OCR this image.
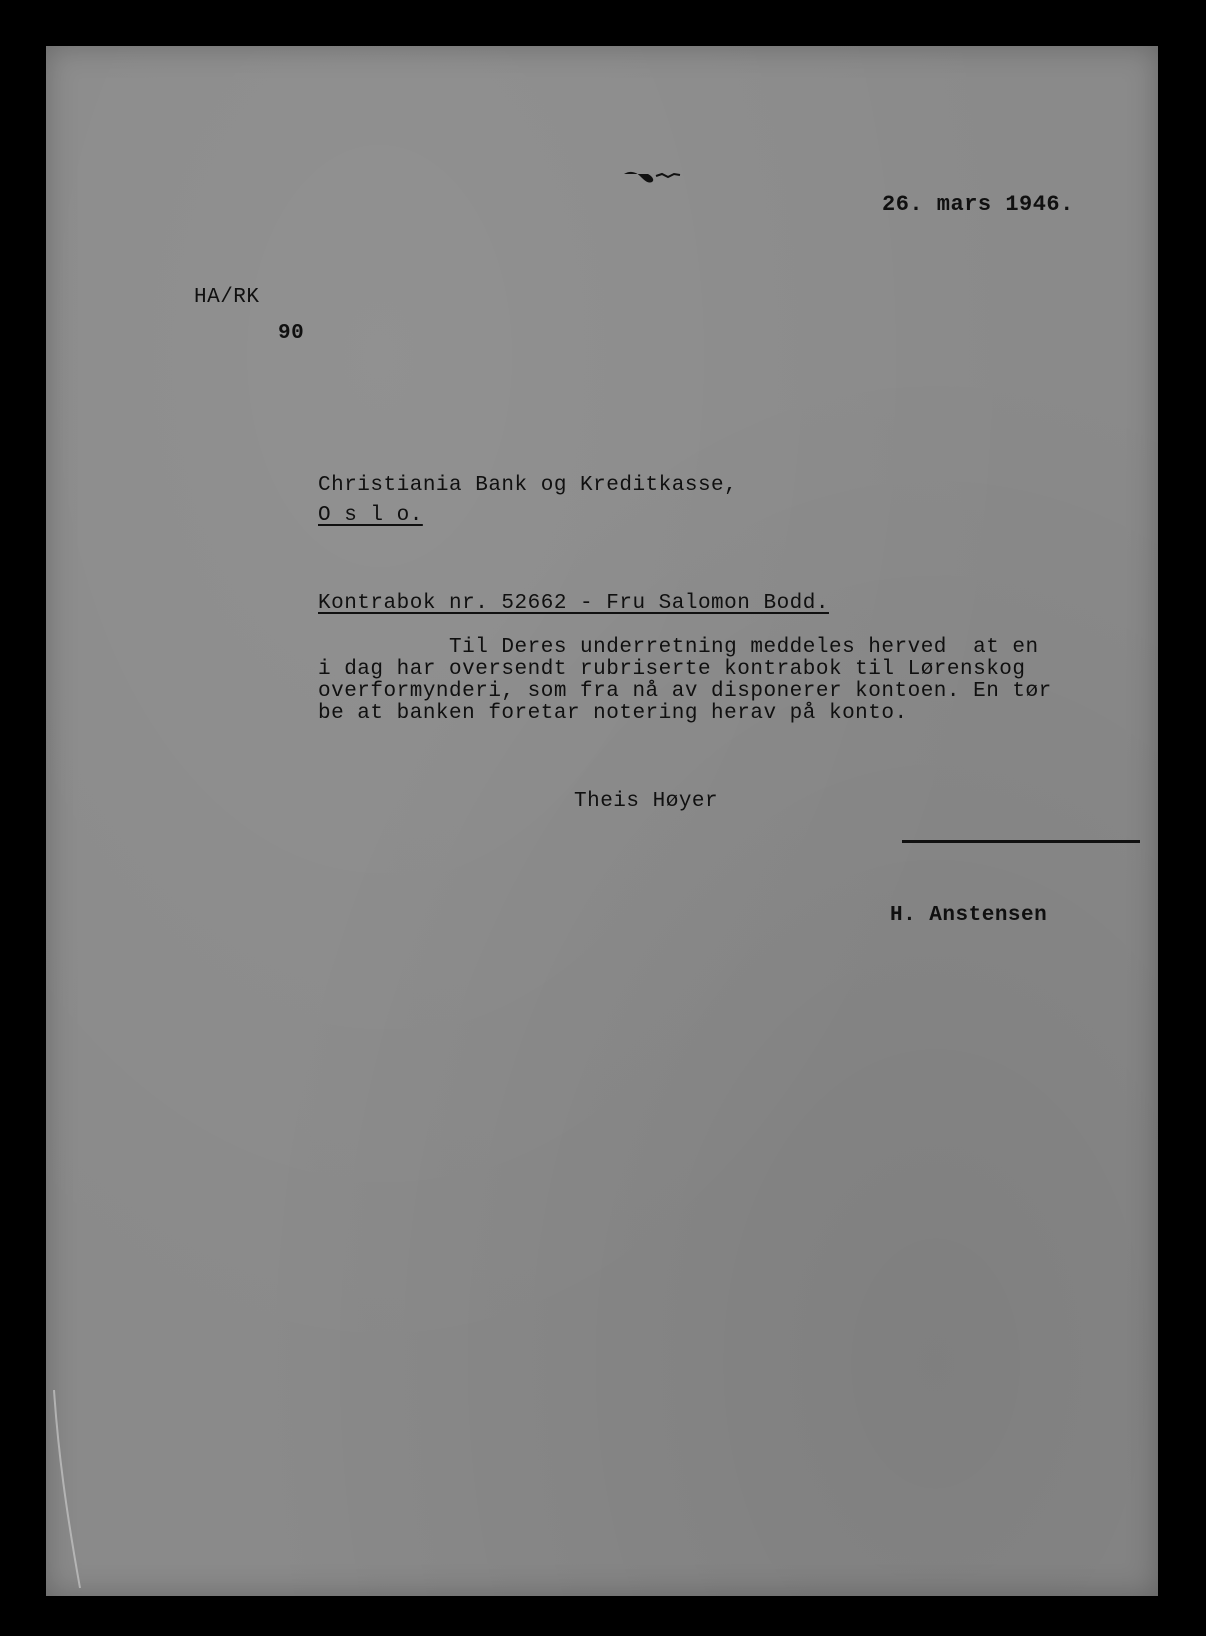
26. mars 1946.
HA/RK
90
Christiania Bank og Kreditkasse,
O s l o.
Kontrabok nr. 52662 - Fru Salomon Bodd.
Til Deres underretning meddeles herved  at en
i dag har oversendt rubriserte kontrabok til Lørenskog
overformynderi, som fra nå av disponerer kontoen. En tør
be at banken foretar notering herav på konto.
Theis Høyer
H. Anstensen
